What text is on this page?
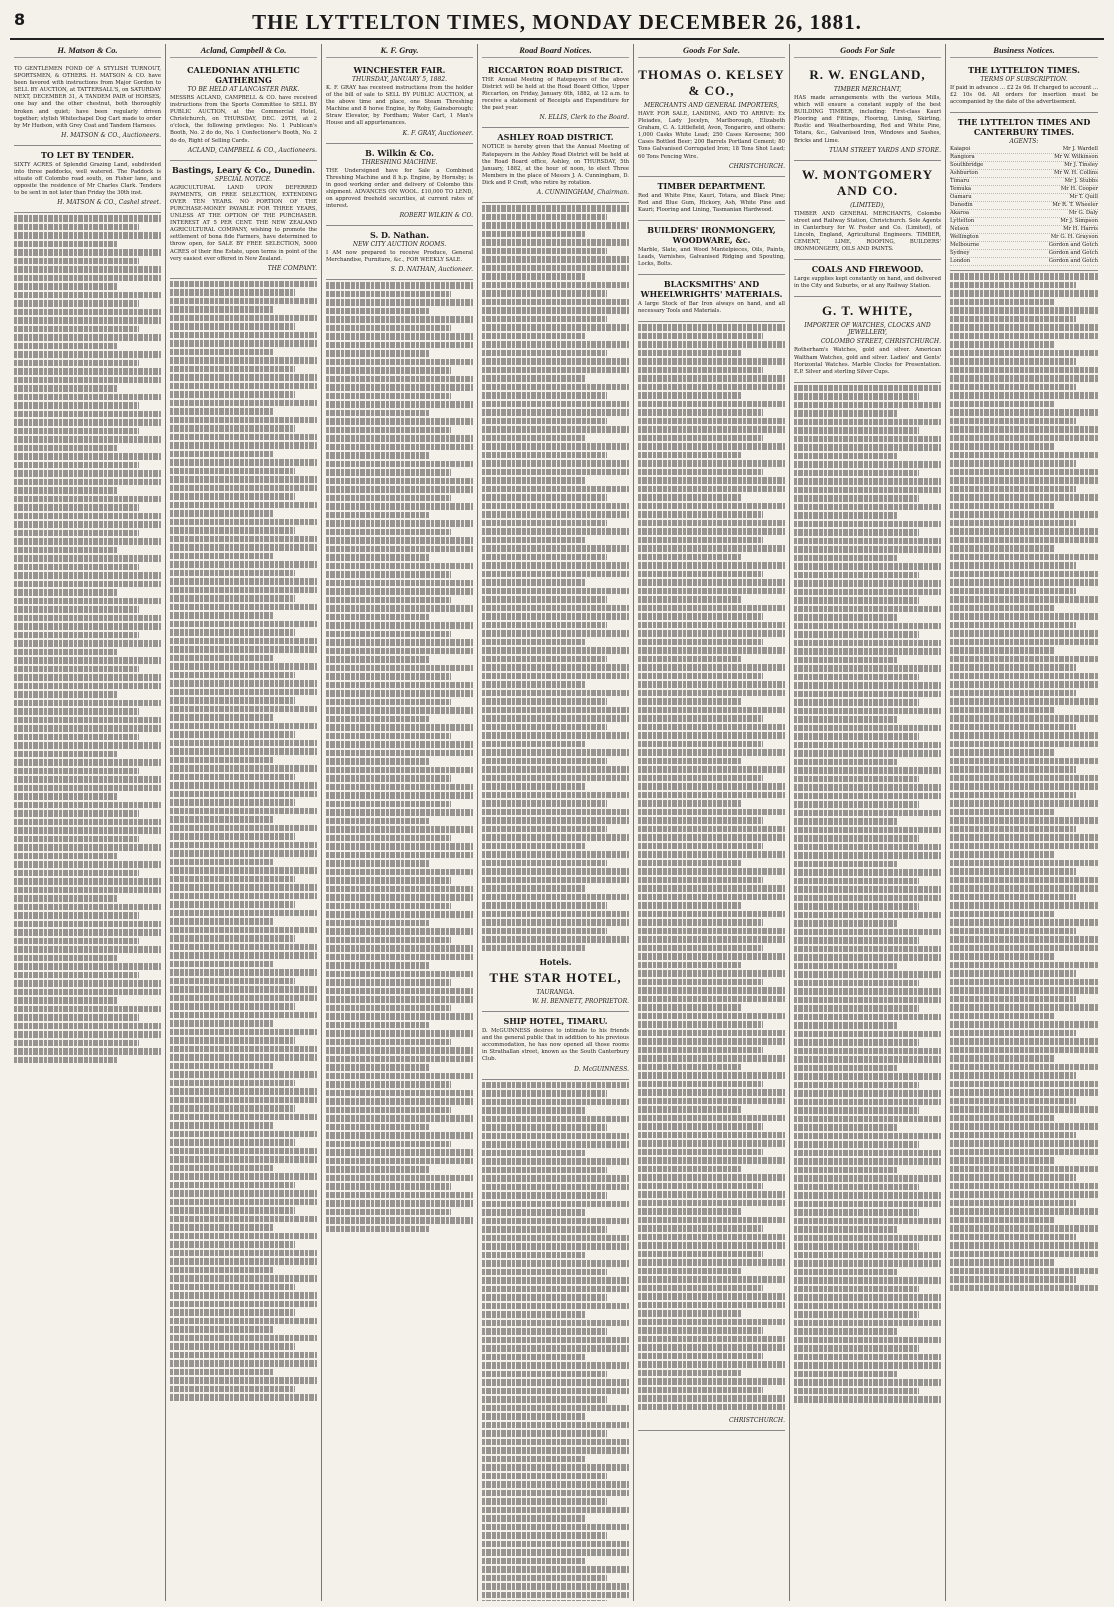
8	THE LYTTELTON TIMES, MONDAY DECEMBER 26, 1881.
H. Matson & Co.
TO GENTLEMEN FOND OF A STYLISH TURNOUT, SPORTSMEN, & OTHERS. H. MATSON & CO. have been favored with instructions from Major Gordon to SELL BY AUCTION, at TATTERSALL'S, on SATURDAY NEXT, DECEMBER 31, A TANDEM PAIR of HORSES, one bay and the other chestnut, both thoroughly broken and quiet; have been regularly driven together; stylish Whitechapel Dog Cart made to order by Mr Hudson, with Grey Coat and Tandem Harness.
H. MATSON & CO., Auctioneers.
TO LET BY TENDER.
SIXTY ACRES of Splendid Grazing Land, subdivided into three paddocks, well watered. The Paddock is situate off Colombo road south, on Fisher lane, and opposite the residence of Mr Charles Clark. Tenders to be sent in not later than Friday the 30th inst.
H. MATSON & CO., Cashel street.
Acland, Campbell & Co.
CALEDONIAN ATHLETIC GATHERING
TO BE HELD AT LANCASTER PARK.
MESSRS ACLAND, CAMPBELL & CO. have received instructions from the Sports Committee to SELL BY PUBLIC AUCTION, at the Commercial Hotel, Christchurch, on THURSDAY, DEC. 29TH, at 2 o'clock, the following privileges: No. 1 Publican's Booth, No. 2 do do, No. 1 Confectioner's Booth, No. 2 do do, Right of Selling Cards.
ACLAND, CAMPBELL & CO., Auctioneers.
Bastings, Leary & Co., Dunedin.
SPECIAL NOTICE.
AGRICULTURAL LAND UPON DEFERRED PAYMENTS, OR FREE SELECTION, EXTENDING OVER TEN YEARS. NO PORTION OF THE PURCHASE-MONEY PAYABLE FOR THREE YEARS, UNLESS AT THE OPTION OF THE PURCHASER. INTEREST AT 5 PER CENT. THE NEW ZEALAND AGRICULTURAL COMPANY, wishing to promote the settlement of bona fide Farmers, have determined to throw open, for SALE BY FREE SELECTION, 5000 ACRES of their fine Estate, upon terms in point of the very easiest ever offered in New Zealand.
THE COMPANY.
K. F. Gray.
WINCHESTER FAIR.
THURSDAY, JANUARY 5, 1882.
K. F. GRAY has received instructions from the holder of the bill of sale to SELL BY PUBLIC AUCTION, at the above time and place, one Steam Threshing Machine and 8 horse Engine, by Roby, Gainsborough; Straw Elevator, by Fordham; Water Cart, 1 Man's House and all appurtenances.
K. F. GRAY, Auctioneer.
B. Wilkin & Co.
THRESHING MACHINE.
THE Undersigned have for Sale a Combined Threshing Machine and 8 h.p. Engine, by Hornsby; is in good working order and delivery of Colombo this shipment. ADVANCES ON WOOL. £10,000 TO LEND, on approved freehold securities, at current rates of interest.
ROBERT WILKIN & CO.
S. D. Nathan.
NEW CITY AUCTION ROOMS.
I AM now prepared to receive Produce, General Merchandise, Furniture, &c., FOR WEEKLY SALE.
S. D. NATHAN, Auctioneer.
Road Board Notices.
RICCARTON ROAD DISTRICT.
THE Annual Meeting of Ratepayers of the above District will be held at the Road Board Office, Upper Riccarton, on Friday, January 6th, 1882, at 12 a.m. to receive a statement of Receipts and Expenditure for the past year.
N. ELLIS, Clerk to the Board.
ASHLEY ROAD DISTRICT.
NOTICE is hereby given that the Annual Meeting of Ratepayers in the Ashley Road District will be held at the Road Board office, Ashley, on THURSDAY, 5th January, 1882, at the hour of noon, to elect Three Members in the place of Messrs J. A. Cunningham, D. Dick and P. Croft, who retire by rotation.
A. CUNNINGHAM, Chairman.
Hotels.
THE STAR HOTEL,
TAURANGA.
W. H. BENNETT, PROPRIETOR.
SHIP HOTEL, TIMARU.
D. McGUINNESS desires to intimate to his friends and the general public that in addition to his previous accommodation, he has now opened all those rooms in Strathallan street, known as the South Canterbury Club.
D. McGUINNESS.
Goods For Sale.
THOMAS O. KELSEY & CO.,
MERCHANTS AND GENERAL IMPORTERS,
HAVE FOR SALE, LANDING, AND TO ARRIVE: Ex Pleiades, Lady Jocelyn, Marlborough, Elizabeth Graham, C. A. Littlefield, Avon, Tongariro, and others: 1,000 Casks White Lead; 250 Cases Kerosene; 500 Cases Bottled Beer; 200 Barrels Portland Cement; 80 Tons Galvanised Corrugated Iron; 18 Tons Shot Lead; 60 Tons Fencing Wire.
CHRISTCHURCH.
TIMBER DEPARTMENT.
Red and White Pine, Kauri, Totara, and Black Pine; Red and Blue Gum, Hickory, Ash, White Pine and Kauri; Flooring and Lining, Tasmanian Hardwood.
BUILDERS' IRONMONGERY, WOODWARE, &c.
Marble, Slate, and Wood Mantelpieces, Oils, Paints, Leads, Varnishes, Galvanised Ridging and Spouting, Locks, Bolts.
BLACKSMITHS' AND WHEELWRIGHTS' MATERIALS.
A large Stock of Bar Iron always on hand, and all necessary Tools and Materials.
CHRISTCHURCH.
Goods For Sale
R. W. ENGLAND,
TIMBER MERCHANT,
HAS made arrangements with the various Mills, which will ensure a constant supply of the best BUILDING TIMBER, including: First-class Kauri Flooring and Fittings, Flooring, Lining, Skirting, Rustic and Weatherboarding, Red and White Pine, Totara, &c., Galvanised Iron, Windows and Sashes, Bricks and Lime.
TUAM STREET YARDS AND STORE.
W. MONTGOMERY AND CO.
(LIMITED),
TIMBER AND GENERAL MERCHANTS, Colombo street and Railway Station, Christchurch. Sole Agents in Canterbury for W. Foster and Co. (Limited), of Lincoln, England, Agricultural Engineers. TIMBER, CEMENT, LIME, ROOFING, BUILDERS' IRONMONGERY, OILS AND PAINTS.
COALS AND FIREWOOD.
Large supplies kept constantly on hand, and delivered in the City and Suburbs, or at any Railway Station.
G. T. WHITE,
IMPORTER OF WATCHES, CLOCKS AND JEWELLERY,
COLOMBO STREET, CHRISTCHURCH.
Rotherham's Watches, gold and silver. American Waltham Watches, gold and silver. Ladies' and Gents' Horizontal Watches. Marble Clocks for Presentation. E.P. Silver and sterling Silver Cups.
Business Notices.
THE LYTTELTON TIMES.
TERMS OF SUBSCRIPTION.
If paid in advance ... £2 2s 0d. If charged to account ... £2 10s 0d. All orders for insertion must be accompanied by the date of the advertisement.
THE LYTTELTON TIMES AND CANTERBURY TIMES.
AGENTS:
Kaiapoi	Mr J. Wardell
Rangiora	Mr W. Wilkinson
Southbridge	Mr J. Tinsley
Ashburton	Mr W. H. Collins
Timaru	Mr J. Stubbs
Temuka	Mr H. Cooper
Oamaru	Mr T. Quill
Dunedin	Mr R. T. Wheeler
Akaroa	Mr G. Daly
Lyttelton	Mr J. Simpson
Nelson	Mr H. Harris
Wellington	Mr G. H. Grayson
Melbourne	Gordon and Gotch
Sydney	Gordon and Gotch
London	Gordon and Gotch
